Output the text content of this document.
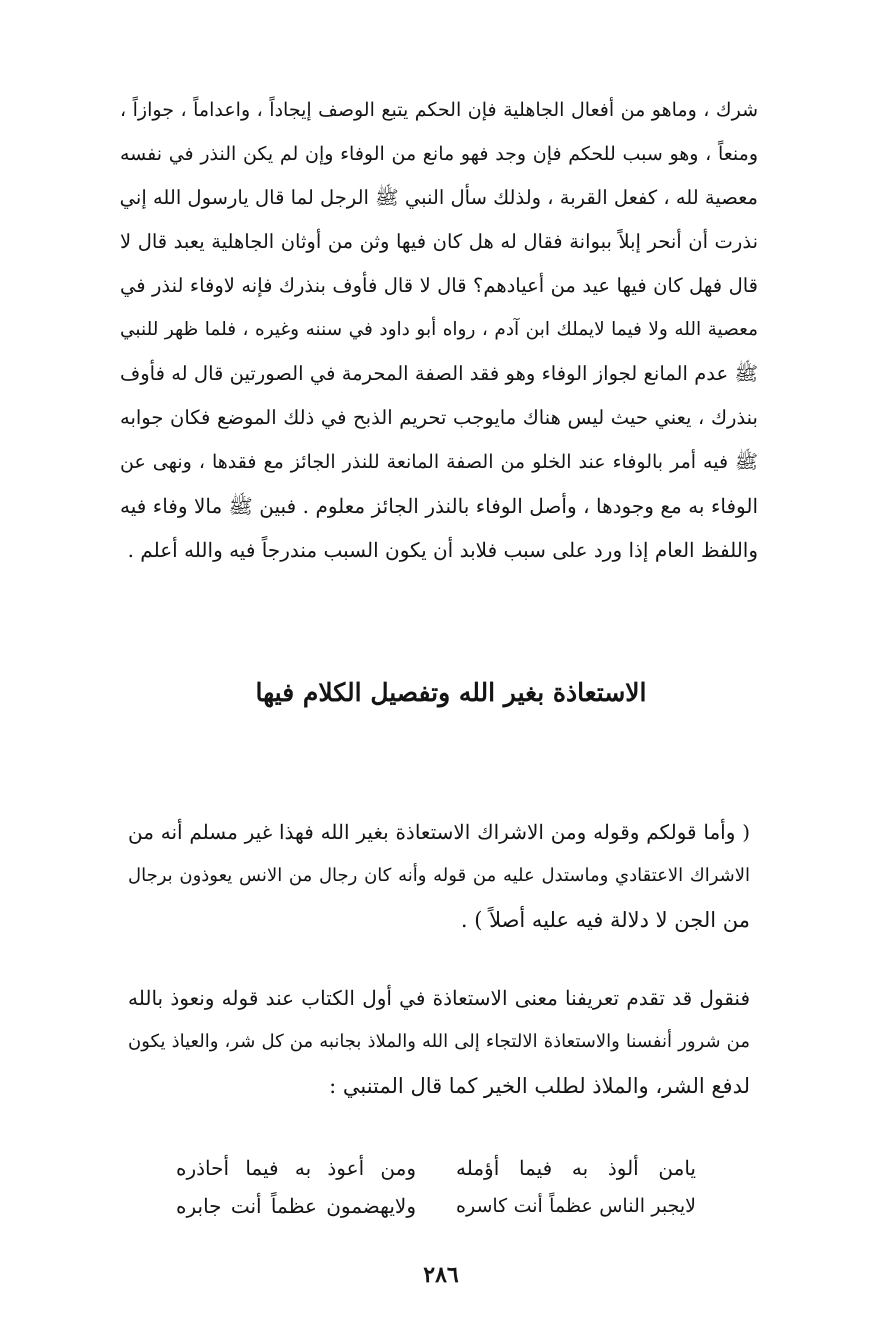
شرك ، وماهو من أفعال الجاهلية فإن الحكم يتبع الوصف إيجاداً ، واعداماً ، جوازاً ،
ومنعاً ، وهو سبب للحكم فإن وجد فهو مانع من الوفاء وإن لم يكن النذر في نفسه
معصية لله ، كفعل القربة ، ولذلك سأل النبي ﷺ الرجل لما قال يارسول الله إني
نذرت أن أنحر إبلاً ببوانة فقال له هل كان فيها وثن من أوثان الجاهلية يعبد قال لا
قال فهل كان فيها عيد من أعيادهم؟ قال لا قال فأوف بنذرك فإنه لاوفاء لنذر في
معصية الله ولا فيما لايملك ابن آدم ، رواه أبو داود في سننه وغيره ، فلما ظهر للنبي
ﷺ عدم المانع لجواز الوفاء وهو فقد الصفة المحرمة في الصورتين قال له فأوف
بنذرك ، يعني حيث ليس هناك مايوجب تحريم الذبح في ذلك الموضع فكان جوابه
ﷺ فيه أمر بالوفاء عند الخلو من الصفة المانعة للنذر الجائز مع فقدها ، ونهى عن
الوفاء به مع وجودها ، وأصل الوفاء بالنذر الجائز معلوم . فبين ﷺ مالا وفاء فيه
واللفظ العام إذا ورد على سبب فلابد أن يكون السبب مندرجاً فيه والله أعلم .

الاستعاذة بغير الله وتفصيل الكلام فيها

( وأما قولكم وقوله ومن الاشراك الاستعاذة بغير الله فهذا غير مسلم أنه من
الاشراك الاعتقادي وماستدل عليه من قوله وأنه كان رجال من الانس يعوذون برجال
من الجن لا دلالة فيه عليه أصلاً ) .

فنقول قد تقدم تعريفنا معنى الاستعاذة في أول الكتاب عند قوله ونعوذ بالله
من شرور أنفسنا والاستعاذة الالتجاء إلى الله والملاذ بجانبه من كل شر، والعياذ يكون
لدفع الشر، والملاذ لطلب الخير كما قال المتنبي :

يامن ألوذ به فيما أؤمله
ومن أعوذ به فيما أحاذره
لايجبر الناس عظماً أنت كاسره
ولايهضمون عظماً أنت جابره
٢٨٦
